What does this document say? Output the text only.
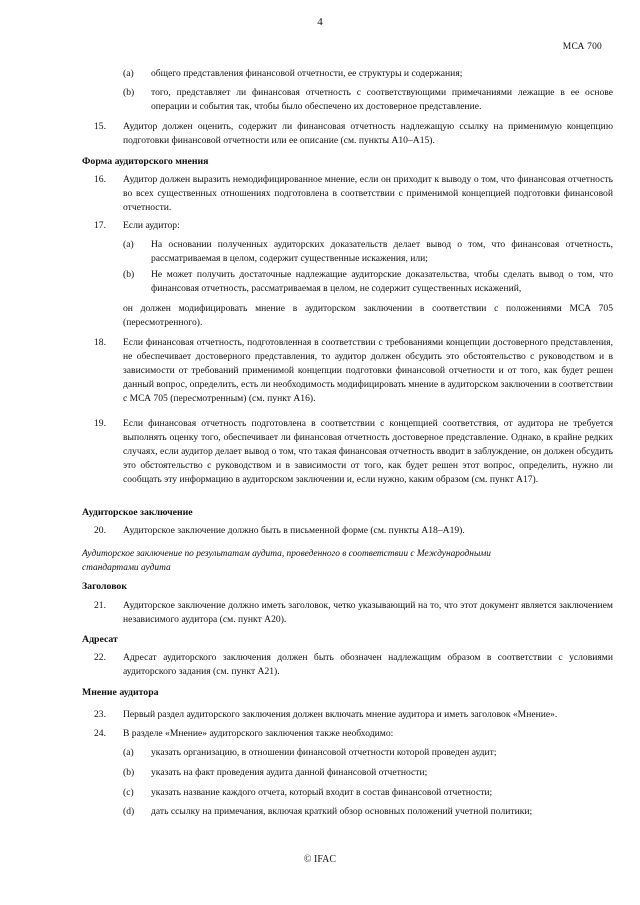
4
МСА 700
(a)	общего представления финансовой отчетности, ее структуры и содержания;
(b)	того, представляет ли финансовая отчетность с соответствующими примечаниями лежащие в ее основе операции и события так, чтобы было обеспечено их достоверное представление.
15.	Аудитор должен оценить, содержит ли финансовая отчетность надлежащую ссылку на применимую концепцию подготовки финансовой отчетности или ее описание (см. пункты A10–A15).
Форма аудиторского мнения
16.	Аудитор должен выразить немодифицированное мнение, если он приходит к выводу о том, что финансовая отчетность во всех существенных отношениях подготовлена в соответствии с применимой концепцией подготовки финансовой отчетности.
17.	Если аудитор:
(a)	На основании полученных аудиторских доказательств делает вывод о том, что финансовая отчетность, рассматриваемая в целом, содержит существенные искажения, или;
(b)	Не может получить достаточные надлежащие аудиторские доказательства, чтобы сделать вывод о том, что финансовая отчетность, рассматриваемая в целом, не содержит существенных искажений,
он должен модифицировать мнение в аудиторском заключении в соответствии с положениями МСА 705 (пересмотренного).
18.	Если финансовая отчетность, подготовленная в соответствии с требованиями концепции достоверного представления, не обеспечивает достоверного представления, то аудитор должен обсудить это обстоятельство с руководством и в зависимости от требований применимой концепции подготовки финансовой отчетности и от того, как будет решен данный вопрос, определить, есть ли необходимость модифицировать мнение в аудиторском заключении в соответствии с МСА 705 (пересмотренным) (см. пункт A16).
19.	Если финансовая отчетность подготовлена в соответствии с концепцией соответствия, от аудитора не требуется выполнять оценку того, обеспечивает ли финансовая отчетность достоверное представление. Однако, в крайне редких случаях, если аудитор делает вывод о том, что такая финансовая отчетность вводит в заблуждение, он должен обсудить это обстоятельство с руководством и в зависимости от того, как будет решен этот вопрос, определить, нужно ли сообщать эту информацию в аудиторском заключении и, если нужно, каким образом (см. пункт A17).
Аудиторское заключение
20.	Аудиторское заключение должно быть в письменной форме (см. пункты A18–A19).
Аудиторское заключение по результатам аудита, проведенного в соответствии с Международными стандартами аудита
Заголовок
21.	Аудиторское заключение должно иметь заголовок, четко указывающий на то, что этот документ является заключением независимого аудитора (см. пункт A20).
Адресат
22.	Адресат аудиторского заключения должен быть обозначен надлежащим образом в соответствии с условиями аудиторского задания (см. пункт A21).
Мнение аудитора
23.	Первый раздел аудиторского заключения должен включать мнение аудитора и иметь заголовок «Мнение».
24.	В разделе «Мнение» аудиторского заключения также необходимо:
(a)	указать организацию, в отношении финансовой отчетности которой проведен аудит;
(b)	указать на факт проведения аудита данной финансовой отчетности;
(c)	указать название каждого отчета, который входит в состав финансовой отчетности;
(d)	дать ссылку на примечания, включая краткий обзор основных положений учетной политики;
© IFAC
